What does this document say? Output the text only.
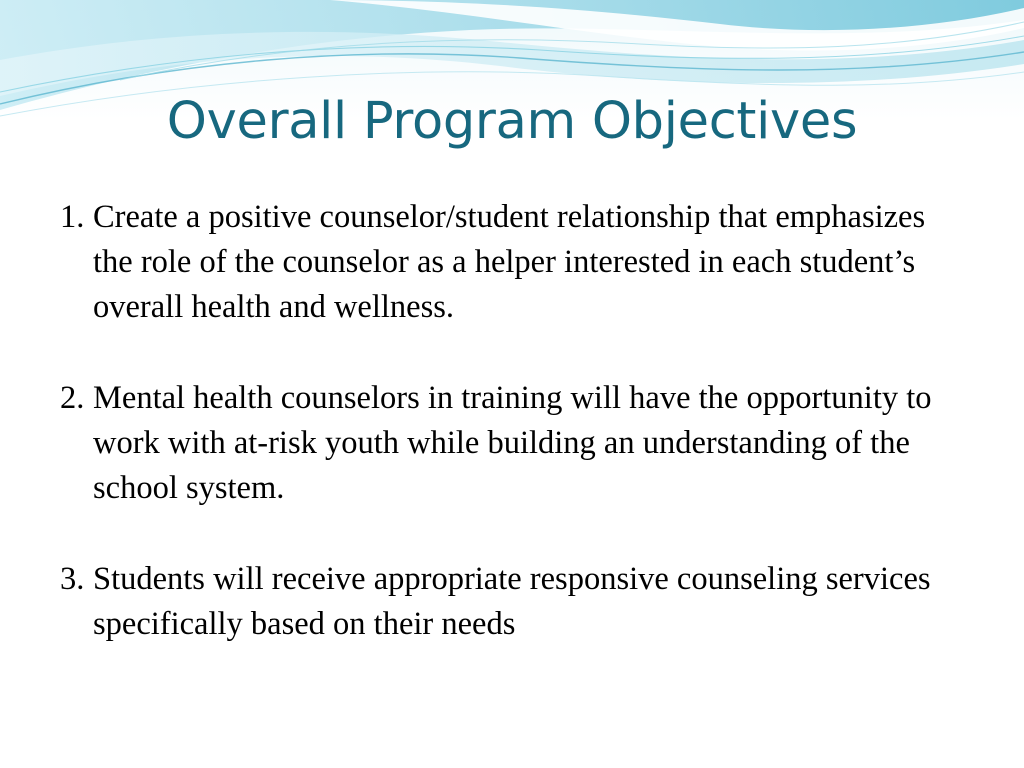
Overall Program Objectives
1. Create a positive counselor/student relationship that emphasizes the role of the counselor as a helper interested in each student’s overall health and wellness.
2. Mental health counselors in training will have the opportunity to work with at-risk youth while building an understanding of the school system.
3. Students will receive appropriate responsive counseling services specifically based on their needs
